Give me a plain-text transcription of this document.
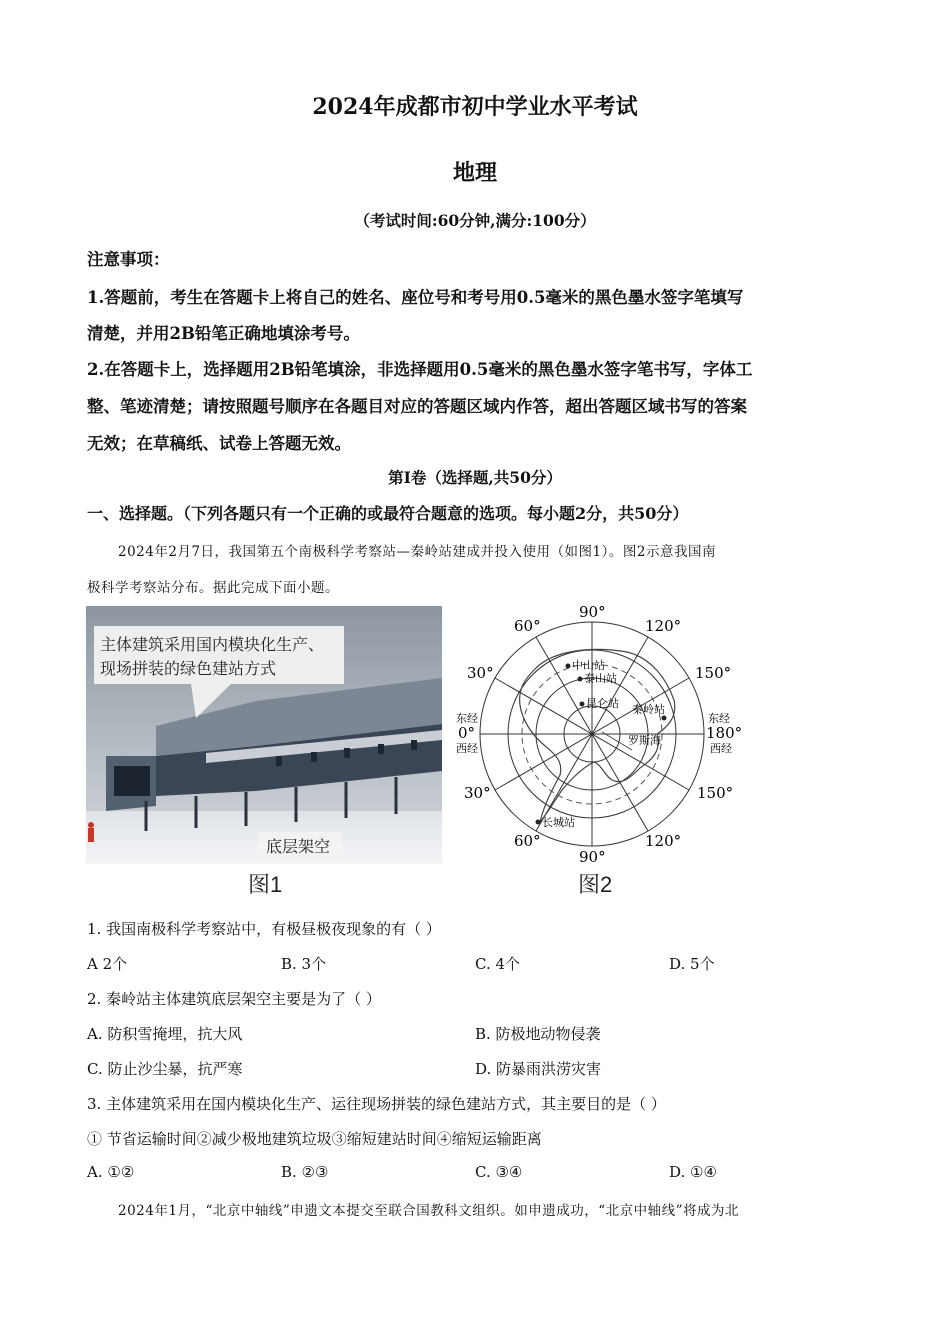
2024年成都市初中学业水平考试
地理
（考试时间:60分钟,满分:100分）
注意事项：
1.答题前，考生在答题卡上将自己的姓名、座位号和考号用0.5毫米的黑色墨水签字笔填写
清楚，并用2B铅笔正确地填涂考号。
2.在答题卡上，选择题用2B铅笔填涂，非选择题用0.5毫米的黑色墨水签字笔书写，字体工
整、笔迹清楚；请按照题号顺序在各题目对应的答题区域内作答，超出答题区域书写的答案
无效；在草稿纸、试卷上答题无效。
第Ⅰ卷（选择题,共50分）
一、选择题。（下列各题只有一个正确的或最符合题意的选项。每小题2分，共50分）
2024年2月7日，我国第五个南极科学考察站—秦岭站建成并投入使用（如图1）。图2示意我国南
极科学考察站分布。据此完成下面小题。
主体建筑采用国内模块化生产、
现场拼装的绿色建站方式
底层架空
图1
90°
90°
60°	120°
60°	120°
30°	150°
30°	150°
东经
0°
西经
东经
180°
西经
中山站
泰山站
昆仑站 秦岭站
罗斯海
长城站
图2
1. 我国南极科学考察站中，有极昼极夜现象的有（ ）
A 2个	B. 3个	C. 4个	D. 5个
2. 秦岭站主体建筑底层架空主要是为了（ ）
A. 防积雪掩埋，抗大风	B. 防极地动物侵袭
C. 防止沙尘暴，抗严寒	D. 防暴雨洪涝灾害
3. 主体建筑采用在国内模块化生产、运往现场拼装的绿色建站方式，其主要目的是（ ）
① 节省运输时间②减少极地建筑垃圾③缩短建站时间④缩短运输距离
A. ①②	B. ②③	C. ③④	D. ①④
2024年1月，“北京中轴线”申遗文本提交至联合国教科文组织。如申遗成功，“北京中轴线”将成为北
